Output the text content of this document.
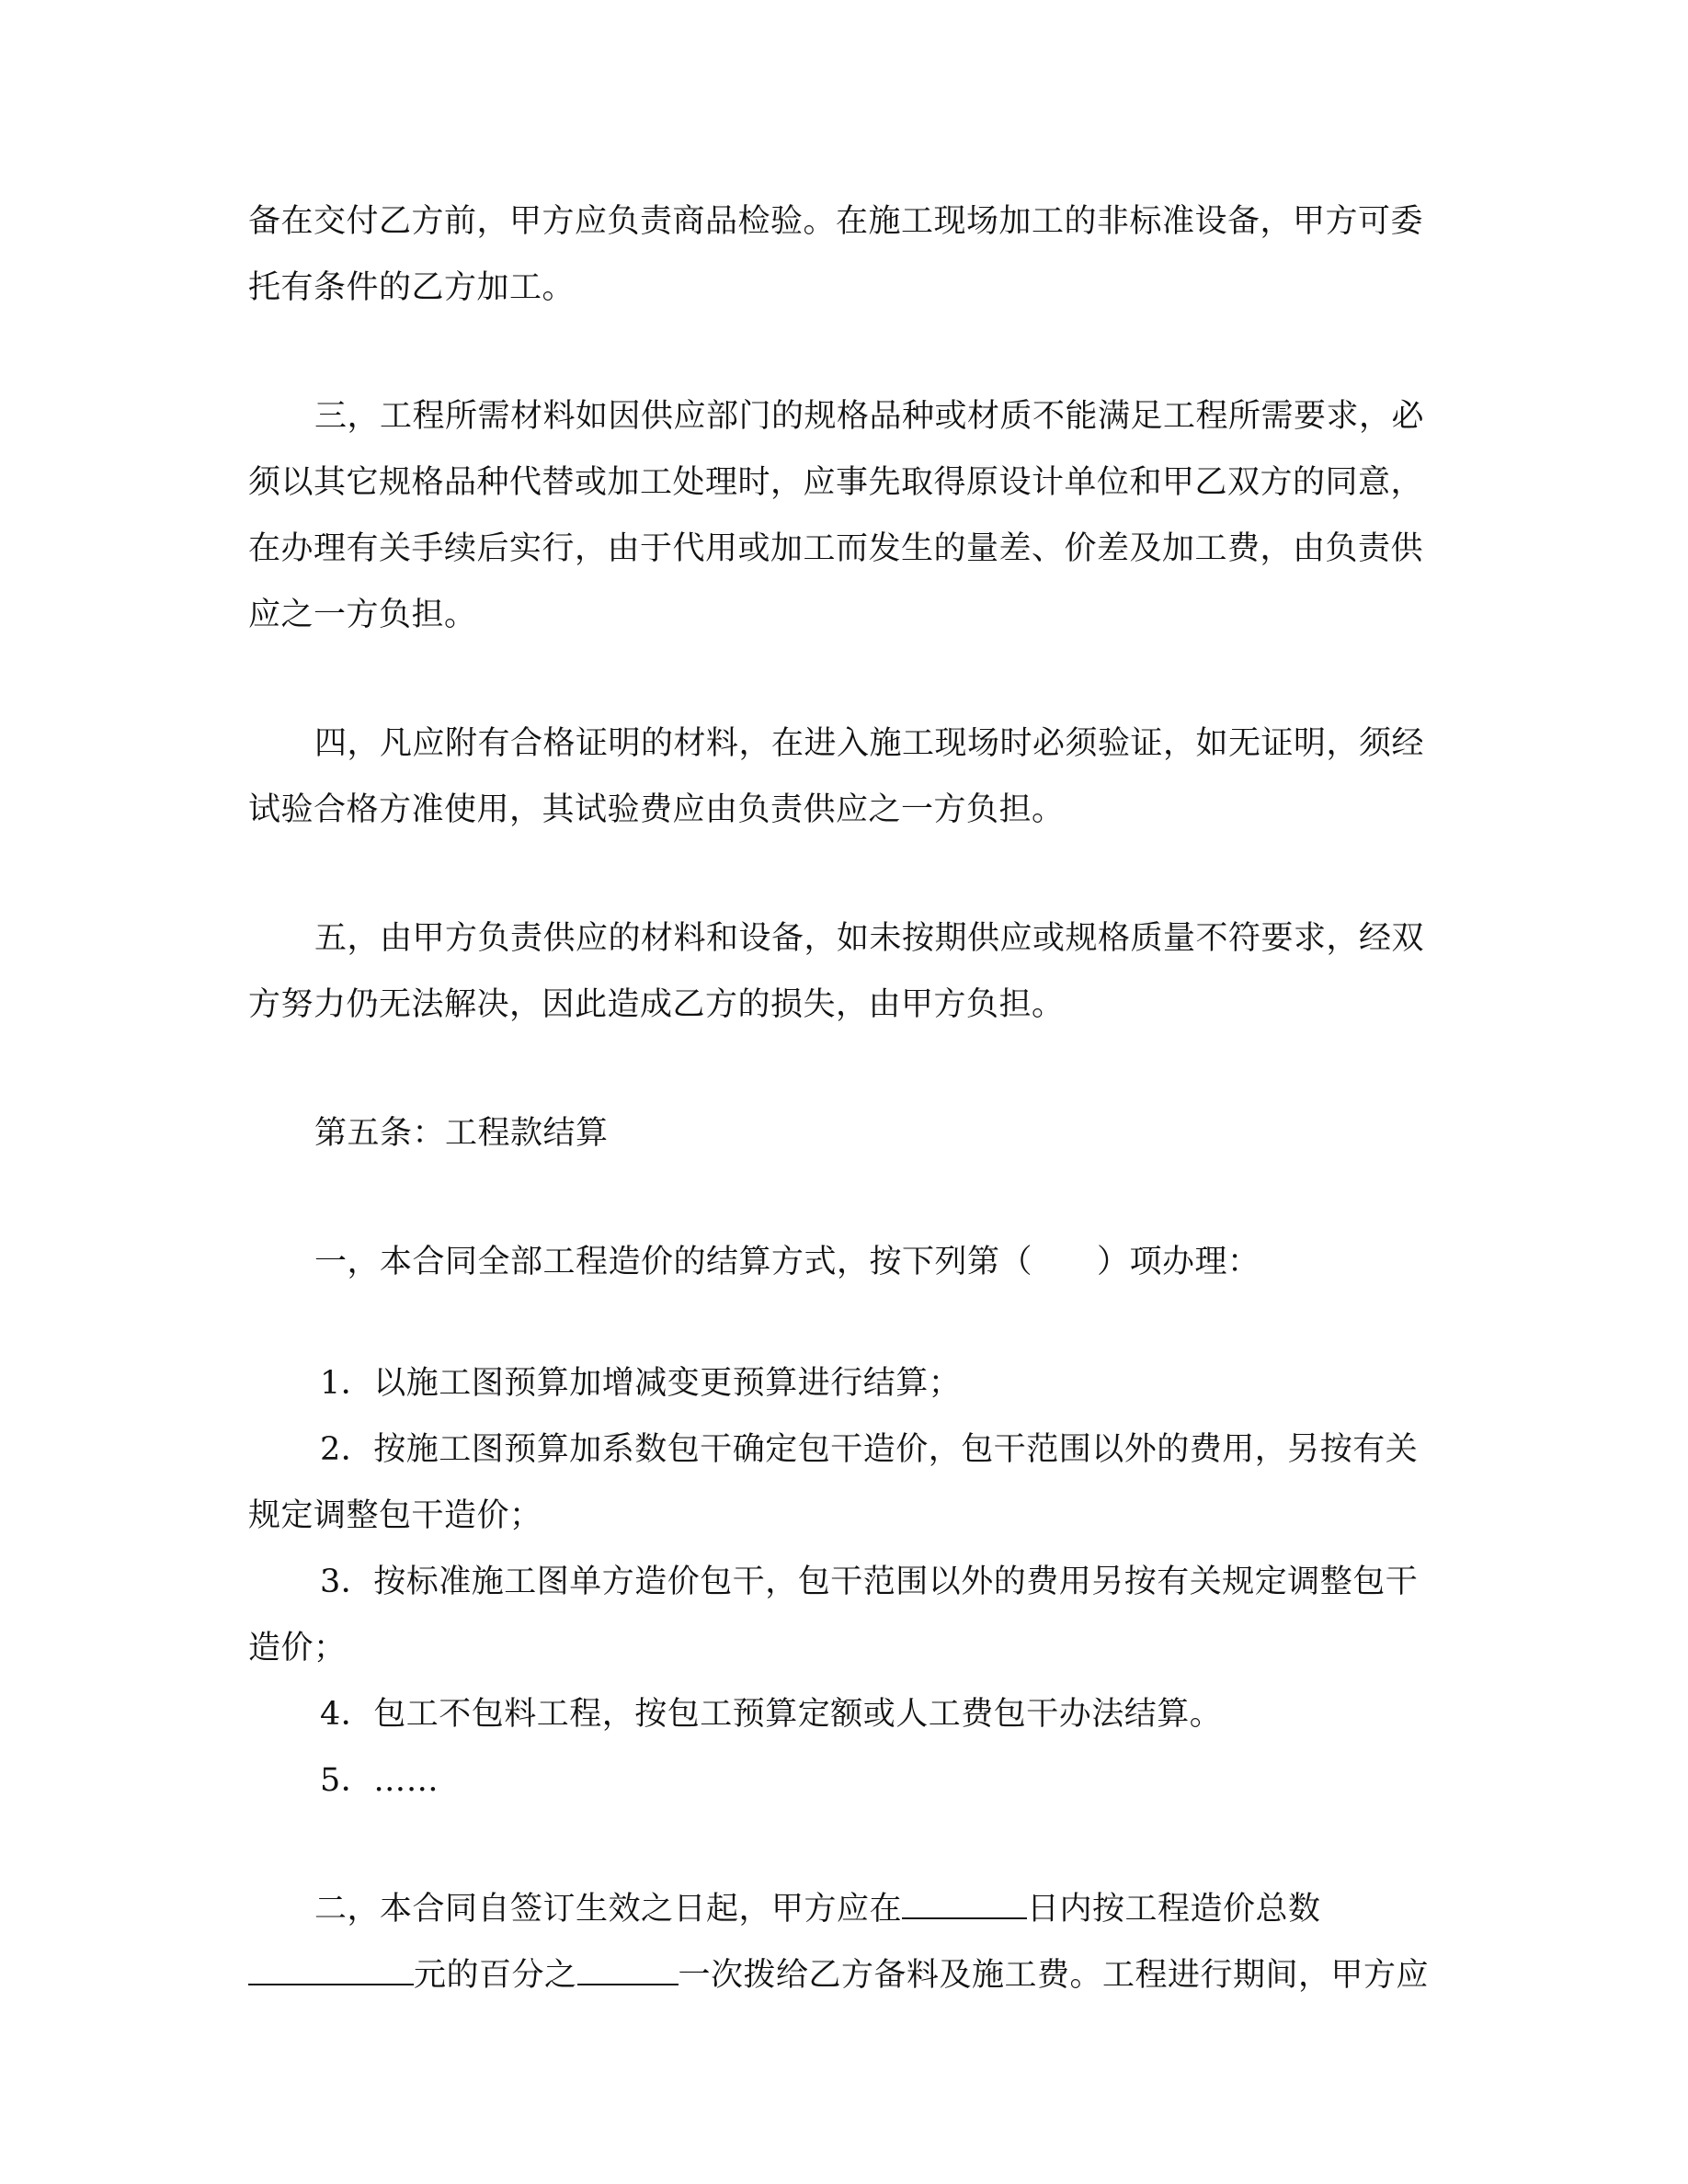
备在交付乙方前，甲方应负责商品检验。在施工现场加工的非标准设备，甲方可委
托有条件的乙方加工。
三，工程所需材料如因供应部门的规格品种或材质不能满足工程所需要求，必
须以其它规格品种代替或加工处理时，应事先取得原设计单位和甲乙双方的同意，
在办理有关手续后实行，由于代用或加工而发生的量差、价差及加工费，由负责供
应之一方负担。
四，凡应附有合格证明的材料，在进入施工现场时必须验证，如无证明，须经
试验合格方准使用，其试验费应由负责供应之一方负担。
五，由甲方负责供应的材料和设备，如未按期供应或规格质量不符要求，经双
方努力仍无法解决，因此造成乙方的损失，由甲方负担。
第五条：工程款结算
一，本合同全部工程造价的结算方式，按下列第（ ）项办理：
1．以施工图预算加增减变更预算进行结算；
2．按施工图预算加系数包干确定包干造价，包干范围以外的费用，另按有关
规定调整包干造价；
3．按标准施工图单方造价包干，包干范围以外的费用另按有关规定调整包干
造价；
4．包工不包料工程，按包工预算定额或人工费包干办法结算。
5．……
二，本合同自签订生效之日起，甲方应在	日内按工程造价总数
元的百分之	一次拨给乙方备料及施工费。工程进行期间，甲方应
